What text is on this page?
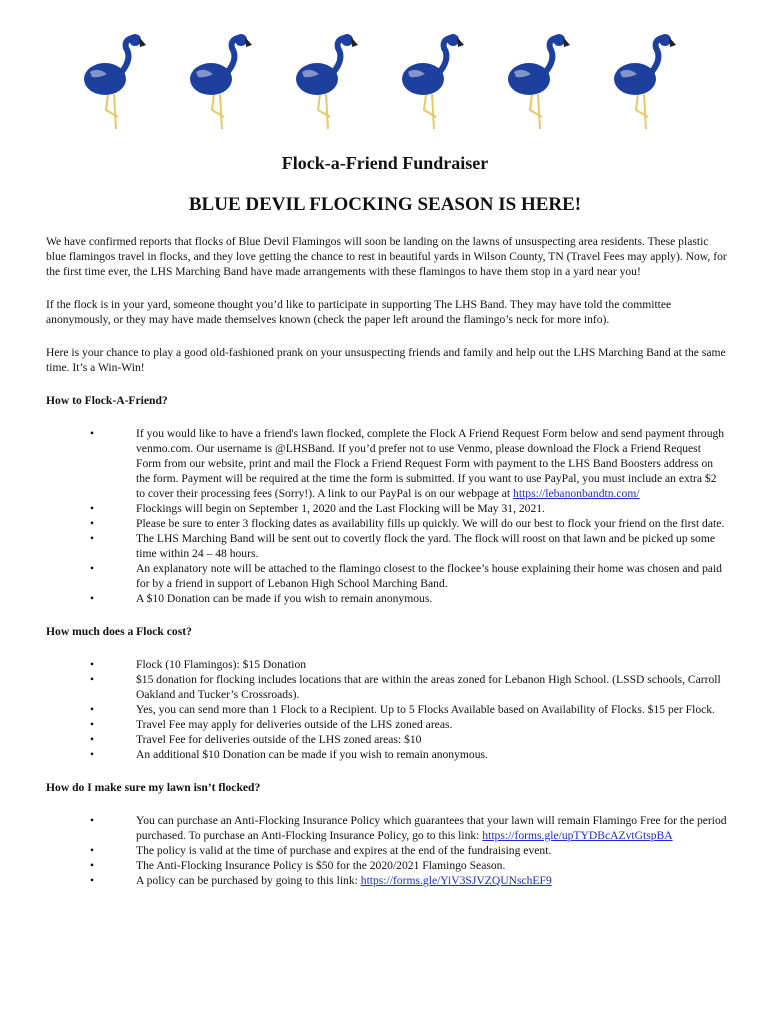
Flock-a-Friend Fundraiser
BLUE DEVIL FLOCKING SEASON IS HERE!

We have confirmed reports that flocks of Blue Devil Flamingos will soon be landing on the lawns of unsuspecting area residents. These plastic blue flamingos travel in flocks, and they love getting the chance to rest in beautiful yards in Wilson County, TN (Travel Fees may apply). Now, for the first time ever, the LHS Marching Band have made arrangements with these flamingos to have them stop in a yard near you!

If the flock is in your yard, someone thought you’d like to participate in supporting The LHS Band. They may have told the committee anonymously, or they may have made themselves known (check the paper left around the flamingo’s neck for more info).

Here is your chance to play a good old-fashioned prank on your unsuspecting friends and family and help out the LHS Marching Band at the same time. It’s a Win-Win!

How to Flock-A-Friend?
•	If you would like to have a friend's lawn flocked, complete the Flock A Friend Request Form below and send payment through venmo.com. Our username is @LHSBand. If you’d prefer not to use Venmo, please download the Flock a Friend Request Form from our website, print and mail the Flock a Friend Request Form with payment to the LHS Band Boosters address on the form. Payment will be required at the time the form is submitted. If you want to use PayPal, you must include an extra $2 to cover their processing fees (Sorry!). A link to our PayPal is on our webpage at https://lebanonbandtn.com/
•	Flockings will begin on September 1, 2020 and the Last Flocking will be May 31, 2021.
•	Please be sure to enter 3 flocking dates as availability fills up quickly. We will do our best to flock your friend on the first date.
•	The LHS Marching Band will be sent out to covertly flock the yard. The flock will roost on that lawn and be picked up some time within 24 – 48 hours.
•	An explanatory note will be attached to the flamingo closest to the flockee’s house explaining their home was chosen and paid for by a friend in support of Lebanon High School Marching Band.
•	A $10 Donation can be made if you wish to remain anonymous.
How much does a Flock cost?
•	Flock (10 Flamingos): $15 Donation
•	$15 donation for flocking includes locations that are within the areas zoned for Lebanon High School. (LSSD schools, Carroll Oakland and Tucker’s Crossroads).
•	Yes, you can send more than 1 Flock to a Recipient. Up to 5 Flocks Available based on Availability of Flocks. $15 per Flock.
•	Travel Fee may apply for deliveries outside of the LHS zoned areas.
•	Travel Fee for deliveries outside of the LHS zoned areas: $10
•	An additional $10 Donation can be made if you wish to remain anonymous.
How do I make sure my lawn isn’t flocked?
•	You can purchase an Anti-Flocking Insurance Policy which guarantees that your lawn will remain Flamingo Free for the period purchased. To purchase an Anti-Flocking Insurance Policy, go to this link: https://forms.gle/upTYDBcAZvtGtspBA
•	The policy is valid at the time of purchase and expires at the end of the fundraising event.
•	The Anti-Flocking Insurance Policy is $50 for the 2020/2021 Flamingo Season.
•	A policy can be purchased by going to this link: https://forms.gle/YiV3SJVZQUNschEF9
